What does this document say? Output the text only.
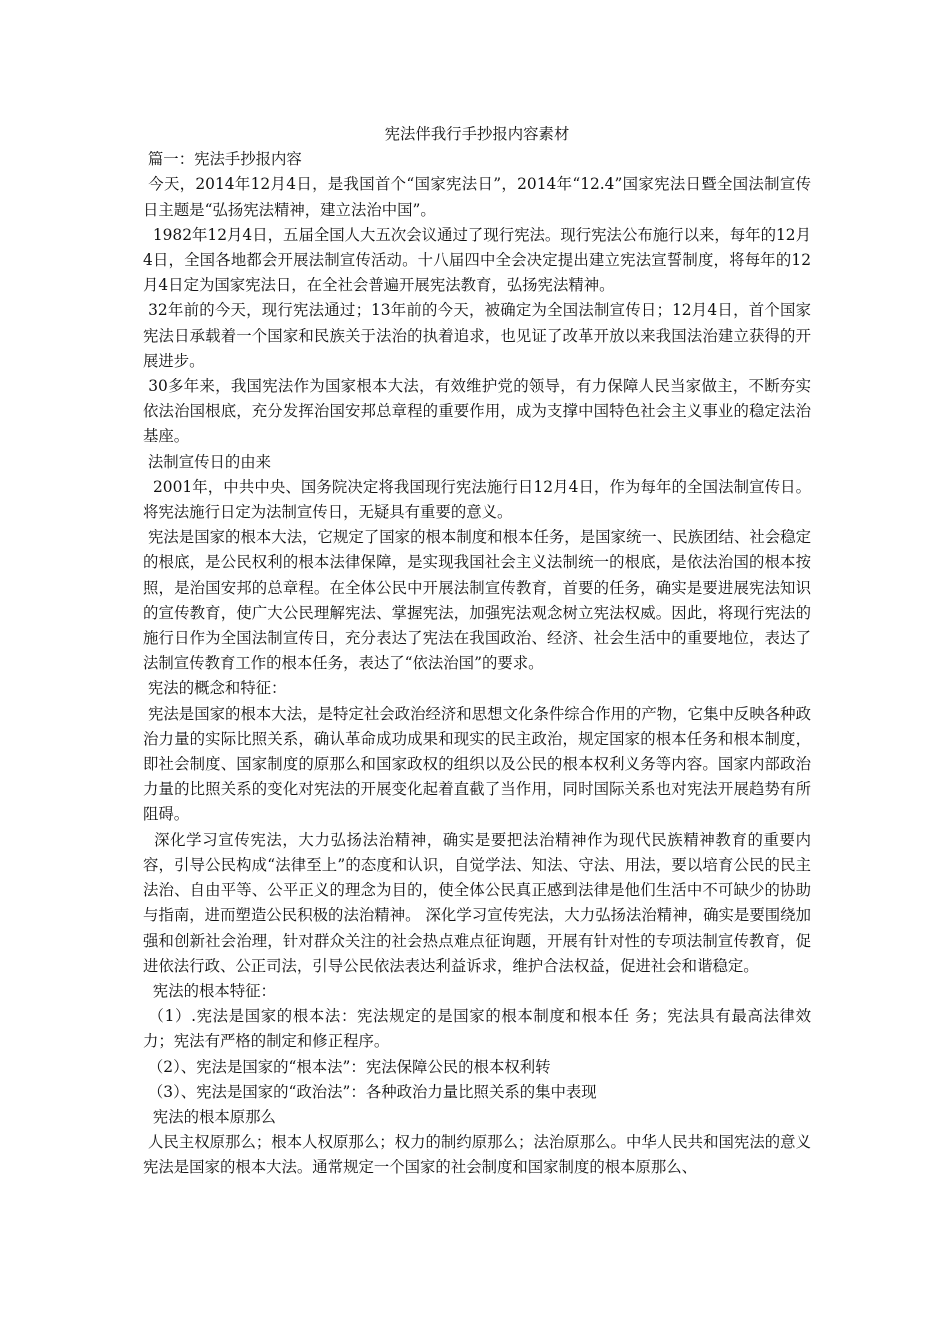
宪法伴我行手抄报内容素材

篇一：宪法手抄报内容

今天，2014年12月4日，是我国首个“国家宪法日”，2014年“12.4”国家宪法日暨全国法制宣传日主题是“弘扬宪法精神，建立法治中国”。

1982年12月4日，五届全国人大五次会议通过了现行宪法。现行宪法公布施行以来，每年的12月4日，全国各地都会开展法制宣传活动。十八届四中全会决定提出建立宪法宣誓制度，将每年的12月4日定为国家宪法日，在全社会普遍开展宪法教育，弘扬宪法精神。

32年前的今天，现行宪法通过；13年前的今天，被确定为全国法制宣传日；12月4日，首个国家宪法日承载着一个国家和民族关于法治的执着追求，也见证了改革开放以来我国法治建立获得的开展进步。

30多年来，我国宪法作为国家根本大法，有效维护党的领导，有力保障人民当家做主，不断夯实依法治国根底，充分发挥治国安邦总章程的重要作用，成为支撑中国特色社会主义事业的稳定法治基座。

法制宣传日的由来

2001年，中共中央、国务院决定将我国现行宪法施行日12月4日，作为每年的全国法制宣传日。将宪法施行日定为法制宣传日，无疑具有重要的意义。

宪法是国家的根本大法，它规定了国家的根本制度和根本任务，是国家统一、民族团结、社会稳定的根底，是公民权利的根本法律保障，是实现我国社会主义法制统一的根底，是依法治国的根本按照，是治国安邦的总章程。在全体公民中开展法制宣传教育，首要的任务，确实是要进展宪法知识的宣传教育，使广大公民理解宪法、掌握宪法，加强宪法观念树立宪法权威。因此，将现行宪法的施行日作为全国法制宣传日，充分表达了宪法在我国政治、经济、社会生活中的重要地位，表达了法制宣传教育工作的根本任务，表达了“依法治国”的要求。

宪法的概念和特征：

宪法是国家的根本大法，是特定社会政治经济和思想文化条件综合作用的产物，它集中反映各种政治力量的实际比照关系，确认革命成功成果和现实的民主政治，规定国家的根本任务和根本制度，即社会制度、国家制度的原那么和国家政权的组织以及公民的根本权利义务等内容。国家内部政治力量的比照关系的变化对宪法的开展变化起着直截了当作用，同时国际关系也对宪法开展趋势有所阻碍。

深化学习宣传宪法，大力弘扬法治精神，确实是要把法治精神作为现代民族精神教育的重要内容，引导公民构成“法律至上”的态度和认识，自觉学法、知法、守法、用法，要以培育公民的民主法治、自由平等、公平正义的理念为目的，使全体公民真正感到法律是他们生活中不可缺少的协助与指南，进而塑造公民积极的法治精神。 深化学习宣传宪法，大力弘扬法治精神，确实是要围绕加强和创新社会治理，针对群众关注的社会热点难点征询题，开展有针对性的专项法制宣传教育，促进依法行政、公正司法，引导公民依法表达利益诉求，维护合法权益，促进社会和谐稳定。

宪法的根本特征：

（1）.宪法是国家的根本法：宪法规定的是国家的根本制度和根本任 务；宪法具有最高法律效力；宪法有严格的制定和修正程序。

（2）、宪法是国家的“根本法”：宪法保障公民的根本权利转

（3）、宪法是国家的“政治法”：各种政治力量比照关系的集中表现

宪法的根本原那么

人民主权原那么；根本人权原那么；权力的制约原那么；法治原那么。中华人民共和国宪法的意义 宪法是国家的根本大法。通常规定一个国家的社会制度和国家制度的根本原那么、
